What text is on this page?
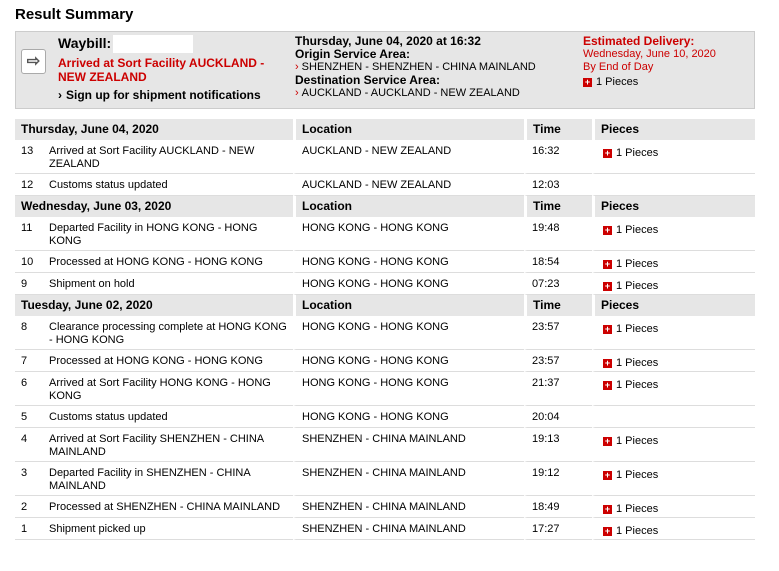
Result Summary
⇨
Waybill:
Arrived at Sort Facility AUCKLAND - NEW ZEALAND
› Sign up for shipment notifications
Thursday, June 04, 2020 at 16:32
Origin Service Area:
› SHENZHEN - SHENZHEN - CHINA MAINLAND
Destination Service Area:
› AUCKLAND - AUCKLAND - NEW ZEALAND
Estimated Delivery:
Wednesday, June 10, 2020
By End of Day
+ 1 Pieces
Thursday, June 04, 2020		Location	Time	Pieces
13	Arrived at Sort Facility AUCKLAND - NEW ZEALAND	AUCKLAND - NEW ZEALAND	16:32	+ 1 Pieces
12	Customs status updated	AUCKLAND - NEW ZEALAND	12:03	
Wednesday, June 03, 2020		Location	Time	Pieces
11	Departed Facility in HONG KONG - HONG KONG	HONG KONG - HONG KONG	19:48	+ 1 Pieces
10	Processed at HONG KONG - HONG KONG	HONG KONG - HONG KONG	18:54	+ 1 Pieces
9	Shipment on hold	HONG KONG - HONG KONG	07:23	+ 1 Pieces
Tuesday, June 02, 2020		Location	Time	Pieces
8	Clearance processing complete at HONG KONG - HONG KONG	HONG KONG - HONG KONG	23:57	+ 1 Pieces
7	Processed at HONG KONG - HONG KONG	HONG KONG - HONG KONG	23:57	+ 1 Pieces
6	Arrived at Sort Facility HONG KONG - HONG KONG	HONG KONG - HONG KONG	21:37	+ 1 Pieces
5	Customs status updated	HONG KONG - HONG KONG	20:04	
4	Arrived at Sort Facility SHENZHEN - CHINA MAINLAND	SHENZHEN - CHINA MAINLAND	19:13	+ 1 Pieces
3	Departed Facility in SHENZHEN - CHINA MAINLAND	SHENZHEN - CHINA MAINLAND	19:12	+ 1 Pieces
2	Processed at SHENZHEN - CHINA MAINLAND	SHENZHEN - CHINA MAINLAND	18:49	+ 1 Pieces
1	Shipment picked up	SHENZHEN - CHINA MAINLAND	17:27	+ 1 Pieces
